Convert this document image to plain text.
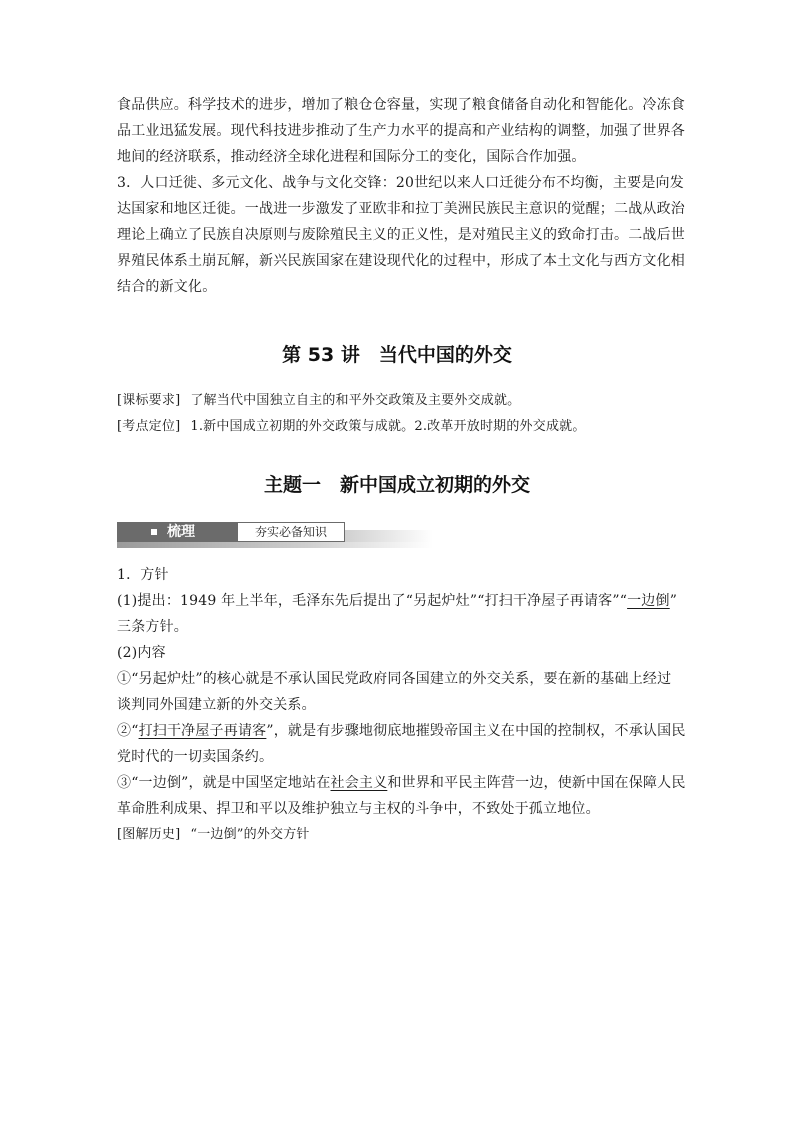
食品供应。科学技术的进步，增加了粮仓仓容量，实现了粮食储备自动化和智能化。冷冻食
品工业迅猛发展。现代科技进步推动了生产力水平的提高和产业结构的调整，加强了世界各
地间的经济联系，推动经济全球化进程和国际分工的变化，国际合作加强。
3．人口迁徙、多元文化、战争与文化交锋：20世纪以来人口迁徙分布不均衡，主要是向发
达国家和地区迁徙。一战进一步激发了亚欧非和拉丁美洲民族民主意识的觉醒；二战从政治
理论上确立了民族自决原则与废除殖民主义的正义性，是对殖民主义的致命打击。二战后世
界殖民体系土崩瓦解，新兴民族国家在建设现代化的过程中，形成了本土文化与西方文化相
结合的新文化。
第 53 讲　当代中国的外交
[课标要求] 了解当代中国独立自主的和平外交政策及主要外交成就。
[考点定位] 1.新中国成立初期的外交政策与成就。2.改革开放时期的外交成就。
主题一　新中国成立初期的外交
梳理	夯实必备知识
1．方针
(1)提出：1949 年上半年，毛泽东先后提出了“另起炉灶”“打扫干净屋子再请客”“一边倒”
三条方针。
(2)内容
①“另起炉灶”的核心就是不承认国民党政府同各国建立的外交关系，要在新的基础上经过
谈判同外国建立新的外交关系。
②“打扫干净屋子再请客”，就是有步骤地彻底地摧毁帝国主义在中国的控制权，不承认国民
党时代的一切卖国条约。
③“一边倒”，就是中国坚定地站在社会主义和世界和平民主阵营一边，使新中国在保障人民
革命胜利成果、捍卫和平以及维护独立与主权的斗争中，不致处于孤立地位。
[图解历史] “一边倒”的外交方针
